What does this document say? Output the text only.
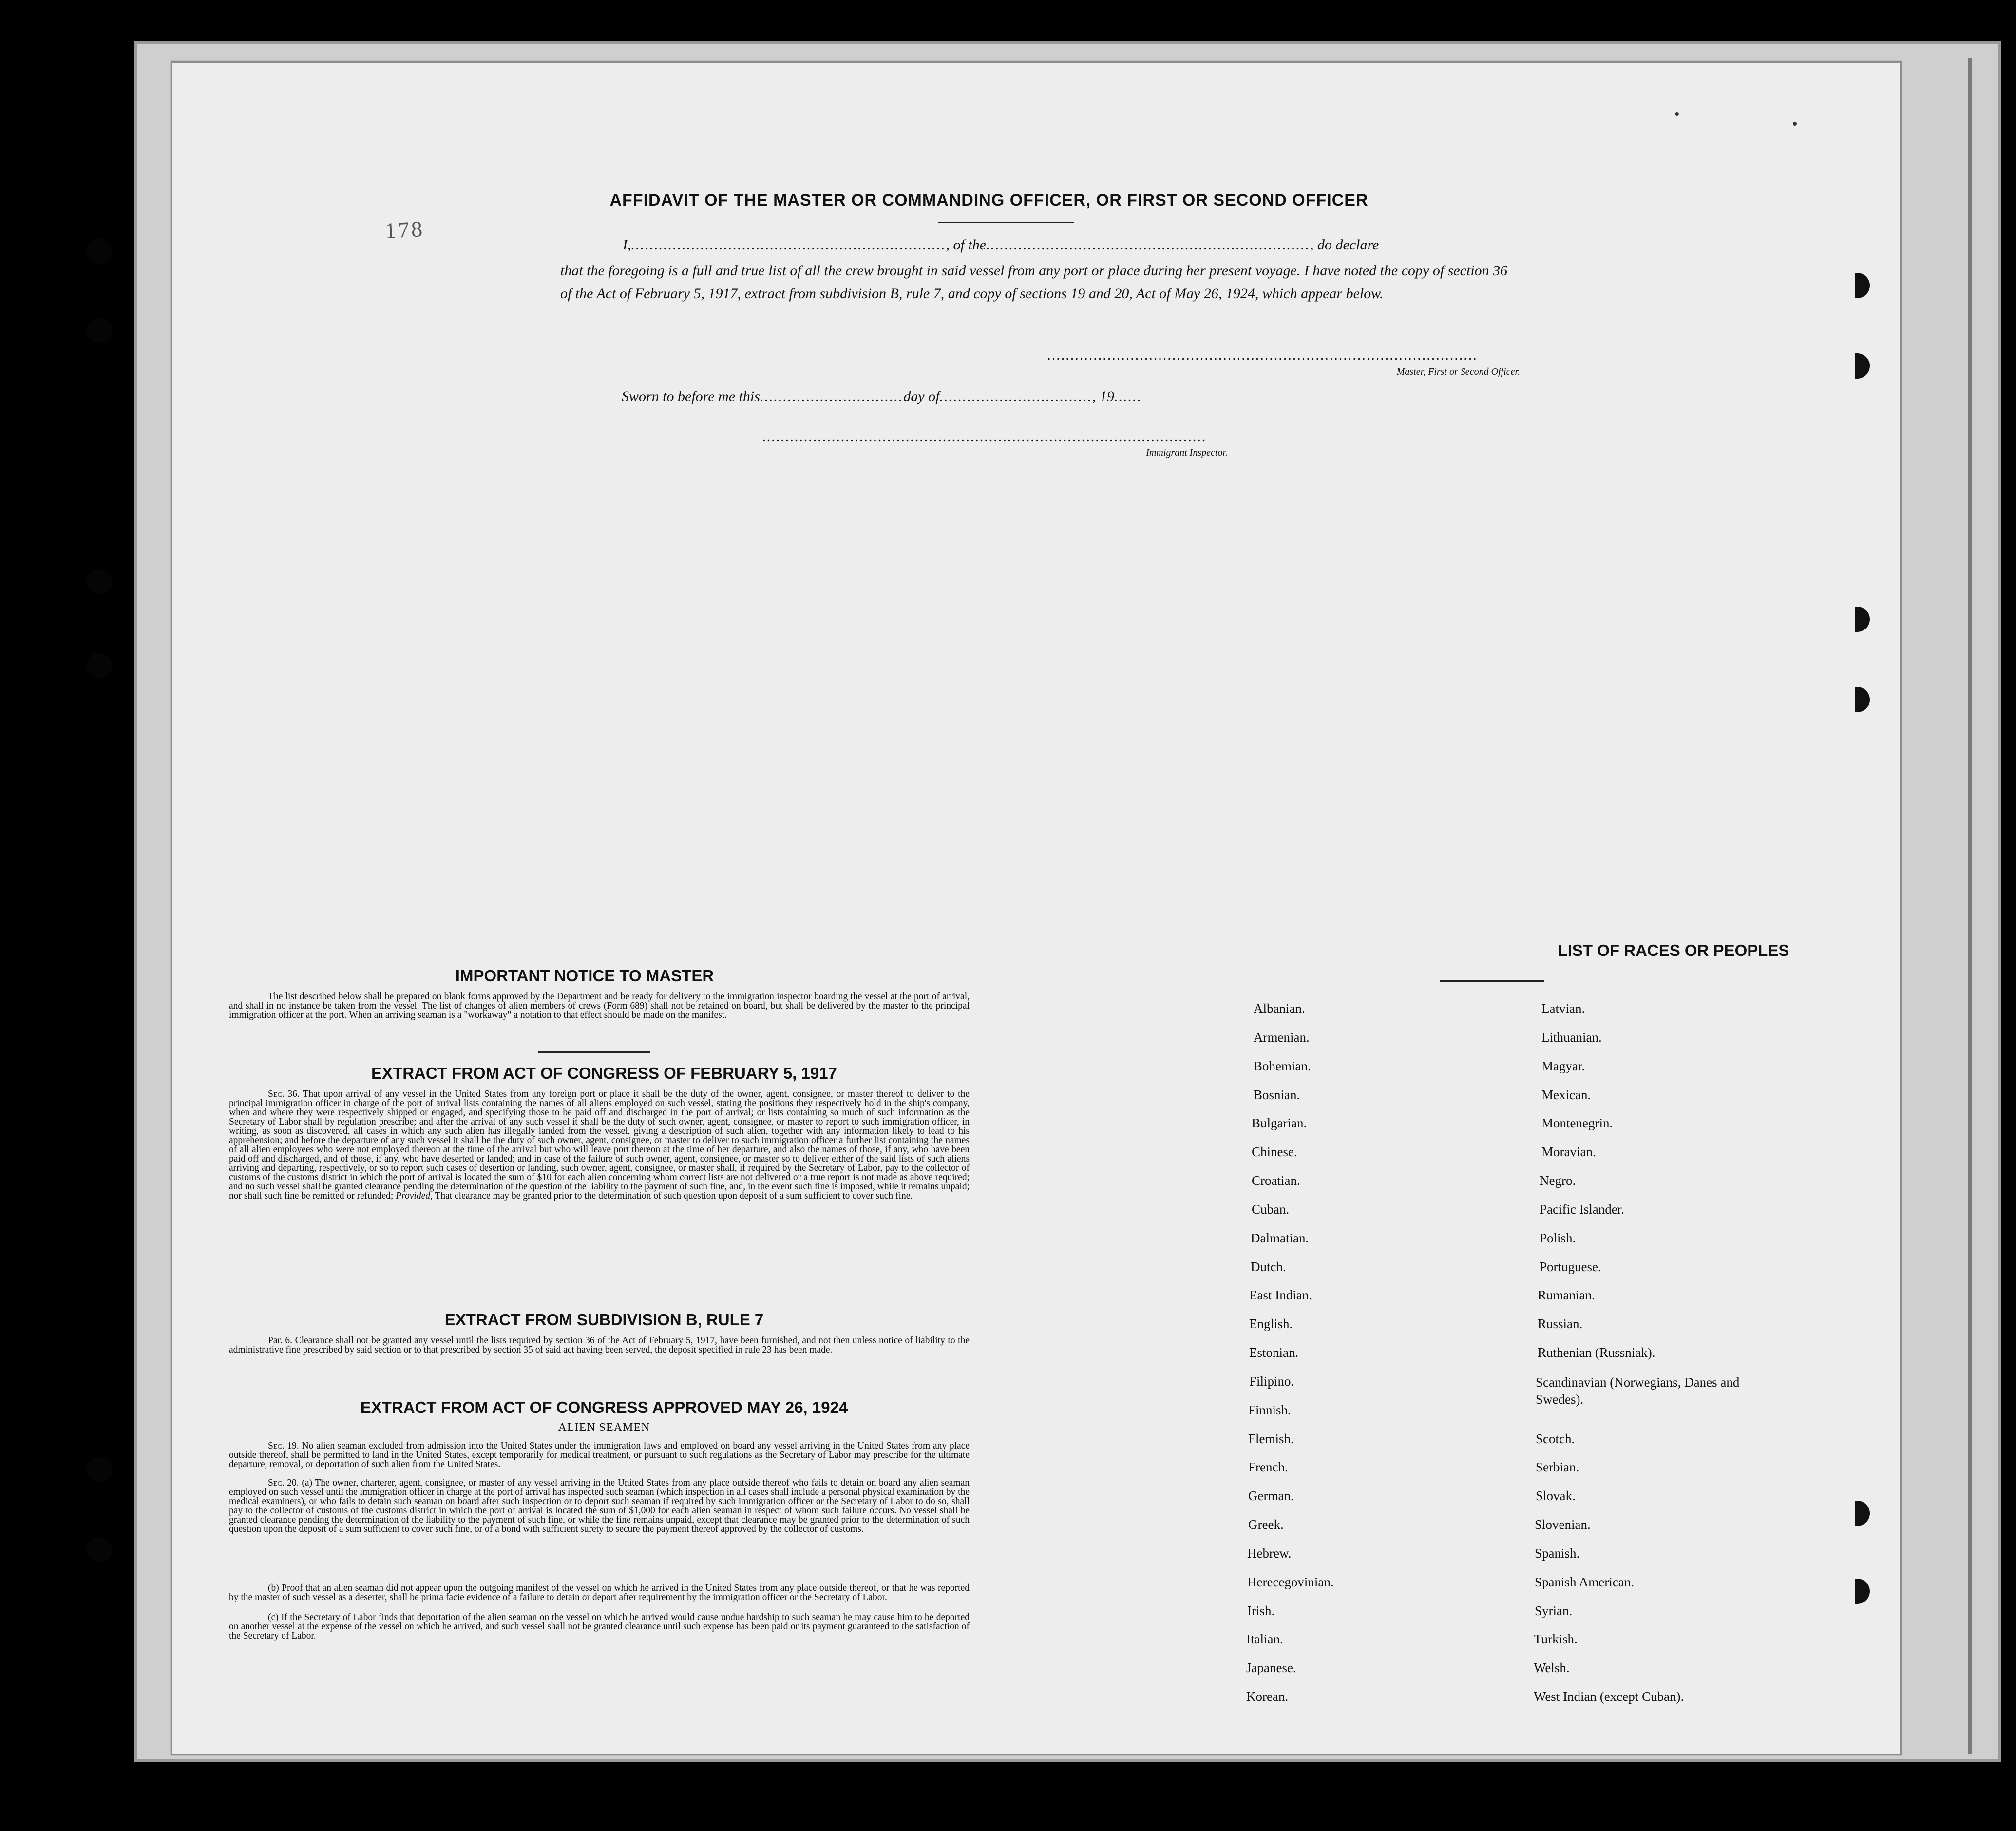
178
AFFIDAVIT OF THE MASTER OR COMMANDING OFFICER, OR FIRST OR SECOND OFFICER
I,...................................................................., of the......................................................................, do declare
that the foregoing is a full and true list of all the crew brought in said vessel from any port or place during her present voyage. I have noted the copy of section 36 of the Act of February 5, 1917, extract from subdivision B, rule 7, and copy of sections 19 and 20, Act of May 26, 1924, which appear below.
.............................................................................................
Master, First or Second Officer.
Sworn to before me this...............................day of................................., 19......
................................................................................................
Immigrant Inspector.
IMPORTANT NOTICE TO MASTER

The list described below shall be prepared on blank forms approved by the Department and be ready for delivery to the immigration inspector boarding the vessel at the port of arrival, and shall in no instance be taken from the vessel. The list of changes of alien members of crews (Form 689) shall not be retained on board, but shall be delivered by the master to the principal immigration officer at the port. When an arriving seaman is a "workaway" a notation to that effect should be made on the manifest.

EXTRACT FROM ACT OF CONGRESS OF FEBRUARY 5, 1917

Sec. 36. That upon arrival of any vessel in the United States from any foreign port or place it shall be the duty of the owner, agent, consignee, or master thereof to deliver to the principal immigration officer in charge of the port of arrival lists containing the names of all aliens employed on such vessel, stating the positions they respectively hold in the ship's company, when and where they were respectively shipped or engaged, and specifying those to be paid off and discharged in the port of arrival; or lists containing so much of such information as the Secretary of Labor shall by regulation prescribe; and after the arrival of any such vessel it shall be the duty of such owner, agent, consignee, or master to report to such immigration officer, in writing, as soon as discovered, all cases in which any such alien has illegally landed from the vessel, giving a description of such alien, together with any information likely to lead to his apprehension; and before the departure of any such vessel it shall be the duty of such owner, agent, consignee, or master to deliver to such immigration officer a further list containing the names of all alien employees who were not employed thereon at the time of the arrival but who will leave port thereon at the time of her departure, and also the names of those, if any, who have been paid off and discharged, and of those, if any, who have deserted or landed; and in case of the failure of such owner, agent, consignee, or master so to deliver either of the said lists of such aliens arriving and departing, respectively, or so to report such cases of desertion or landing, such owner, agent, consignee, or master shall, if required by the Secretary of Labor, pay to the collector of customs of the customs district in which the port of arrival is located the sum of $10 for each alien concerning whom correct lists are not delivered or a true report is not made as above required; and no such vessel shall be granted clearance pending the determination of the question of the liability to the payment of such fine, and, in the event such fine is imposed, while it remains unpaid; nor shall such fine be remitted or refunded; Provided, That clearance may be granted prior to the determination of such question upon deposit of a sum sufficient to cover such fine.

EXTRACT FROM SUBDIVISION B, RULE 7

Par. 6. Clearance shall not be granted any vessel until the lists required by section 36 of the Act of February 5, 1917, have been furnished, and not then unless notice of liability to the administrative fine prescribed by said section or to that prescribed by section 35 of said act having been served, the deposit specified in rule 23 has been made.

EXTRACT FROM ACT OF CONGRESS APPROVED MAY 26, 1924
ALIEN SEAMEN

Sec. 19. No alien seaman excluded from admission into the United States under the immigration laws and employed on board any vessel arriving in the United States from any place outside thereof, shall be permitted to land in the United States, except temporarily for medical treatment, or pursuant to such regulations as the Secretary of Labor may prescribe for the ultimate departure, removal, or deportation of such alien from the United States.

Sec. 20. (a) The owner, charterer, agent, consignee, or master of any vessel arriving in the United States from any place outside thereof who fails to detain on board any alien seaman employed on such vessel until the immigration officer in charge at the port of arrival has inspected such seaman (which inspection in all cases shall include a personal physical examination by the medical examiners), or who fails to detain such seaman on board after such inspection or to deport such seaman if required by such immigration officer or the Secretary of Labor to do so, shall pay to the collector of customs of the customs district in which the port of arrival is located the sum of $1,000 for each alien seaman in respect of whom such failure occurs. No vessel shall be granted clearance pending the determination of the liability to the payment of such fine, or while the fine remains unpaid, except that clearance may be granted prior to the determination of such question upon the deposit of a sum sufficient to cover such fine, or of a bond with sufficient surety to secure the payment thereof approved by the collector of customs.

(b) Proof that an alien seaman did not appear upon the outgoing manifest of the vessel on which he arrived in the United States from any place outside thereof, or that he was reported by the master of such vessel as a deserter, shall be prima facie evidence of a failure to detain or deport after requirement by the immigration officer or the Secretary of Labor.

(c) If the Secretary of Labor finds that deportation of the alien seaman on the vessel on which he arrived would cause undue hardship to such seaman he may cause him to be deported on another vessel at the expense of the vessel on which he arrived, and such vessel shall not be granted clearance until such expense has been paid or its payment guaranteed to the satisfaction of the Secretary of Labor.

LIST OF RACES OR PEOPLES
Albanian.
Armenian.
Bohemian.
Bosnian.
Bulgarian.
Chinese.
Croatian.
Cuban.
Dalmatian.
Dutch.
East Indian.
English.
Estonian.
Filipino.
Finnish.
Flemish.
French.
German.
Greek.
Hebrew.
Herecegovinian.
Irish.
Italian.
Japanese.
Korean.
Latvian.
Lithuanian.
Magyar.
Mexican.
Montenegrin.
Moravian.
Negro.
Pacific Islander.
Polish.
Portuguese.
Rumanian.
Russian.
Ruthenian (Russniak).
Scandinavian (Norwegians, Danes and Swedes).
Scotch.
Serbian.
Slovak.
Slovenian.
Spanish.
Spanish American.
Syrian.
Turkish.
Welsh.
West Indian (except Cuban).
